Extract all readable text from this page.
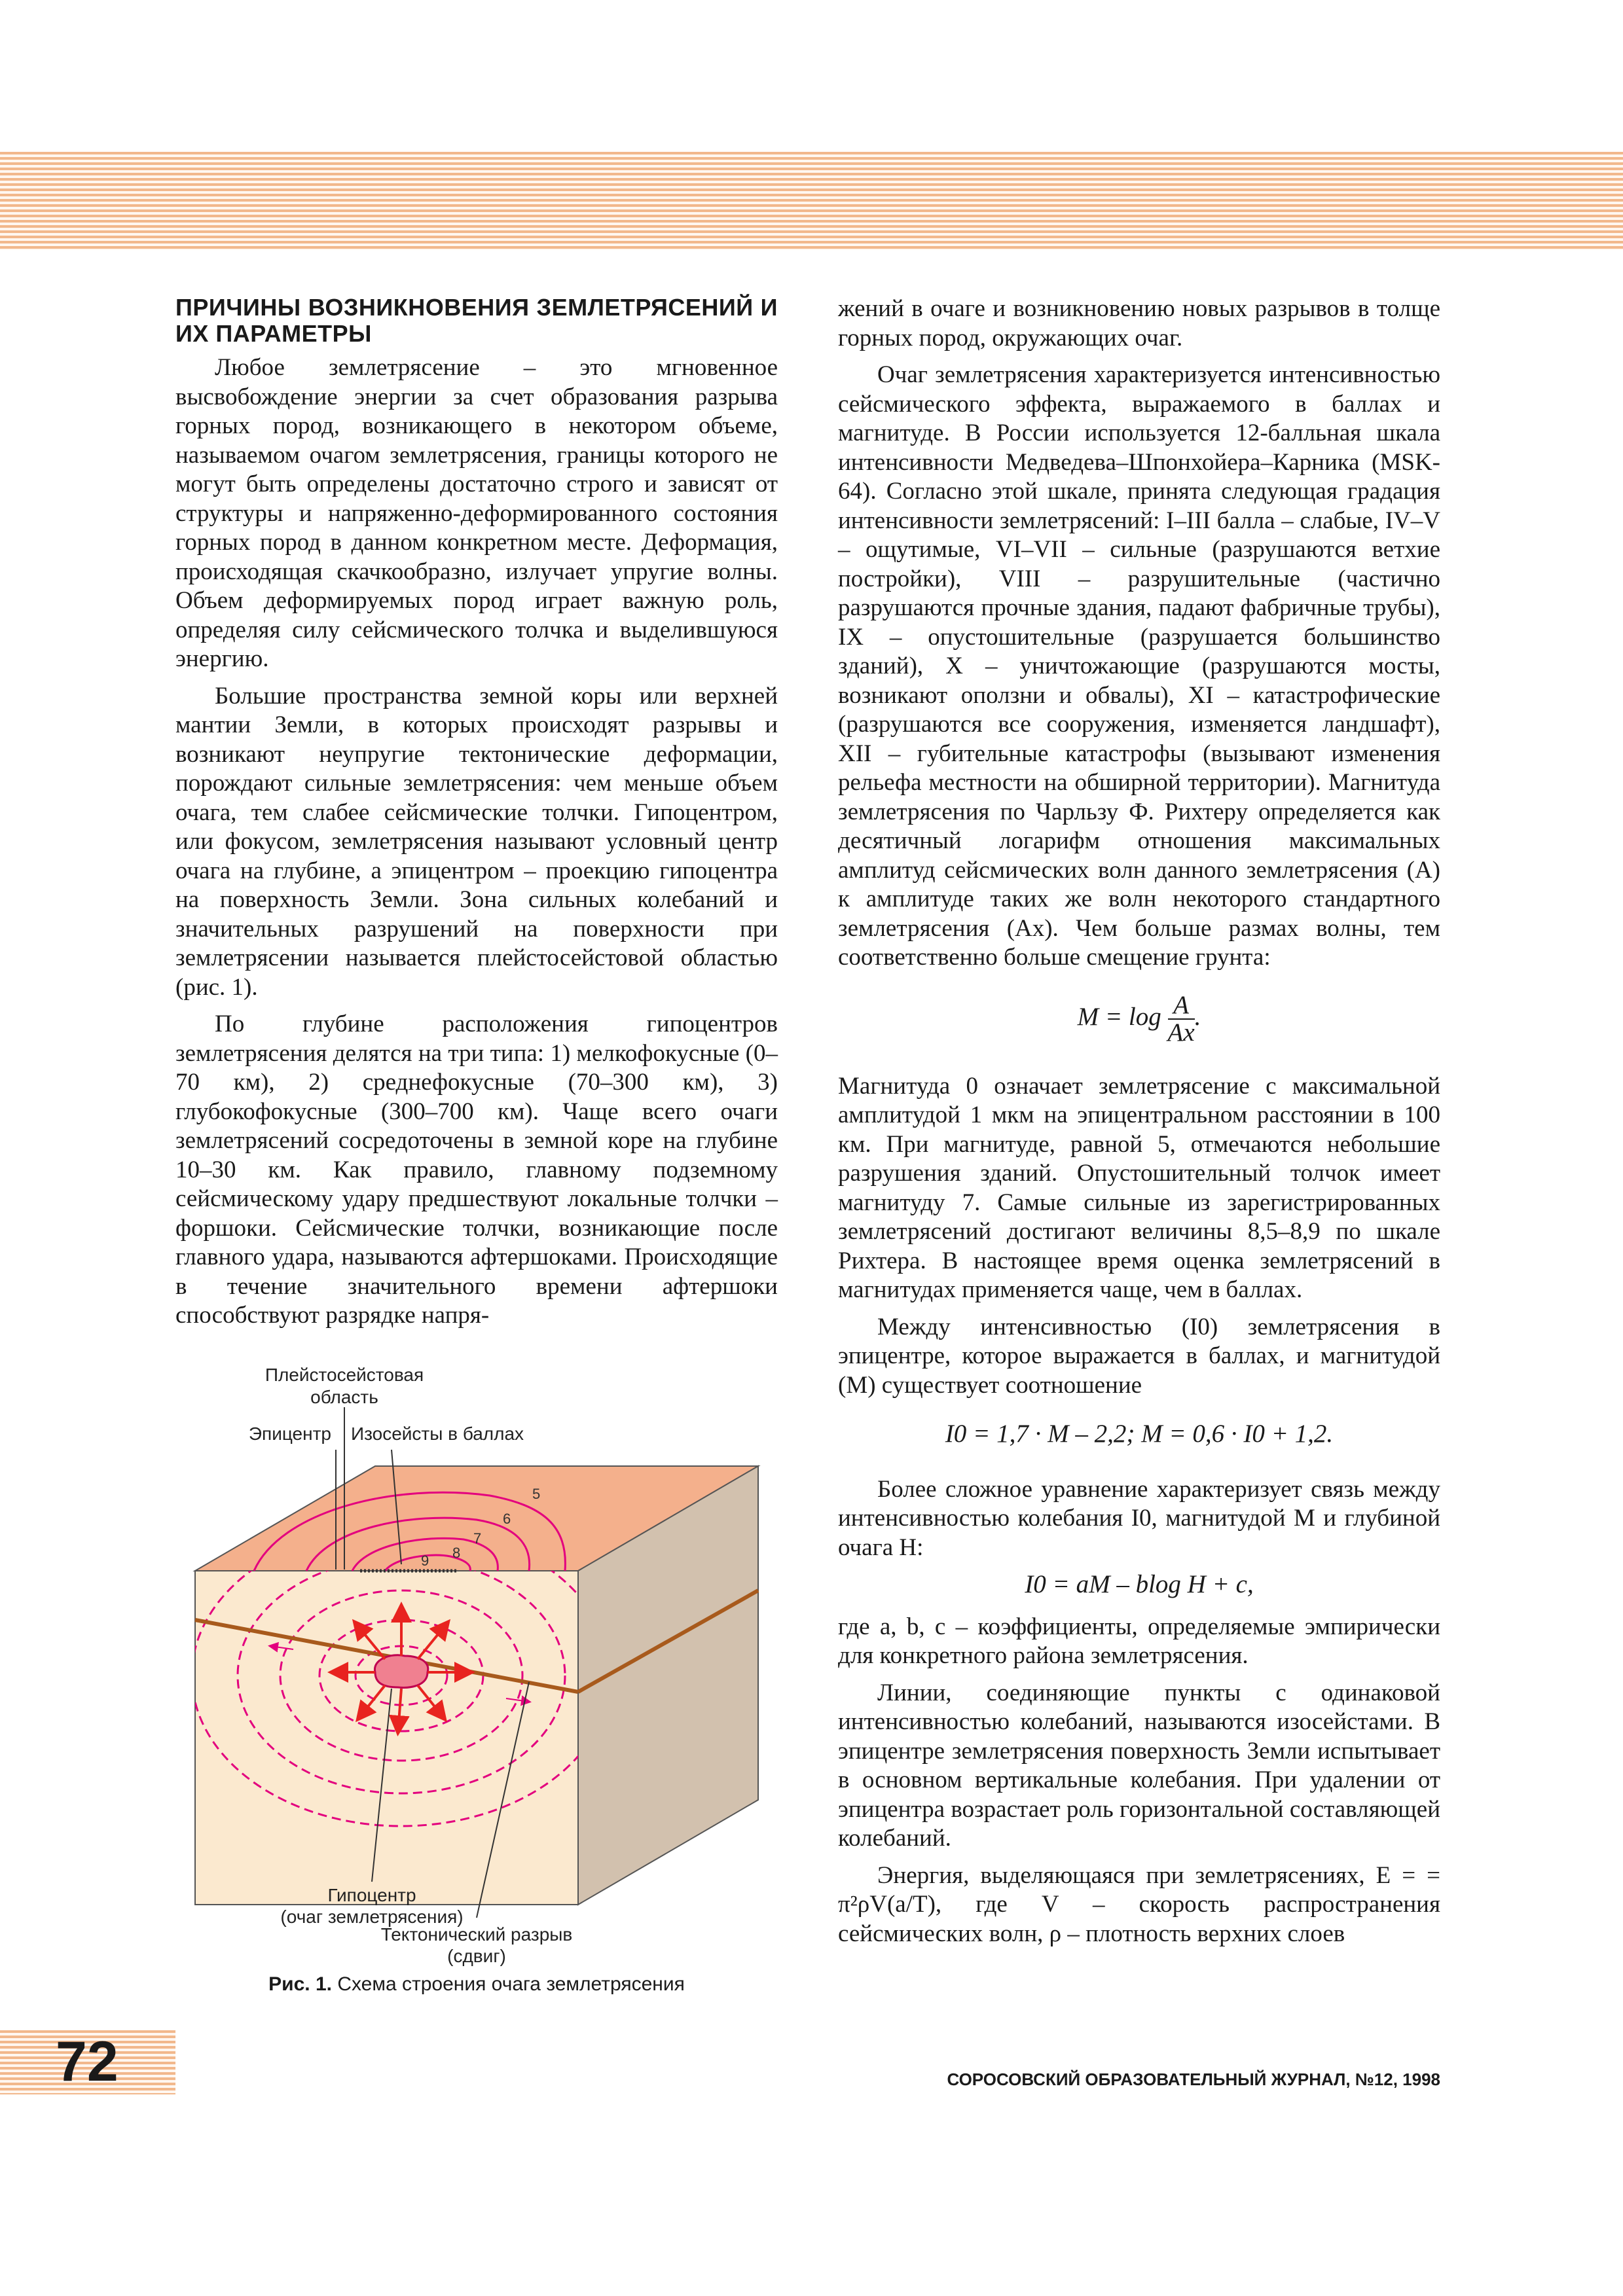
ПРИЧИНЫ ВОЗНИКНОВЕНИЯ ЗЕМЛЕТРЯСЕНИЙ И ИХ ПАРАМЕТРЫ

Любое землетрясение – это мгновенное высвобождение энергии за счет образования разрыва горных пород, возникающего в некотором объеме, называемом очагом землетрясения, границы которого не могут быть определены достаточно строго и зависят от структуры и напряженно-деформированного состояния горных пород в данном конкретном месте. Деформация, происходящая скачкообразно, излучает упругие волны. Объем деформируемых пород играет важную роль, определяя силу сейсмического толчка и выделившуюся энергию.

Большие пространства земной коры или верхней мантии Земли, в которых происходят разрывы и возникают неупругие тектонические деформации, порождают сильные землетрясения: чем меньше объем очага, тем слабее сейсмические толчки. Гипоцентром, или фокусом, землетрясения называют условный центр очага на глубине, а эпицентром – проекцию гипоцентра на поверхность Земли. Зона сильных колебаний и значительных разрушений на поверхности при землетрясении называется плейстосейстовой областью (рис. 1).

По глубине расположения гипоцентров землетрясения делятся на три типа: 1) мелкофокусные (0–70 км), 2) среднефокусные (70–300 км), 3) глубокофокусные (300–700 км). Чаще всего очаги землетрясений сосредоточены в земной коре на глубине 10–30 км. Как правило, главному подземному сейсмическому удару предшествуют локальные толчки – форшоки. Сейсмические толчки, возникающие после главного удара, называются афтершоками. Происходящие в течение значительного времени афтершоки способствуют разрядке напря-

жений в очаге и возникновению новых разрывов в толще горных пород, окружающих очаг.

Очаг землетрясения характеризуется интенсивностью сейсмического эффекта, выражаемого в баллах и магнитуде. В России используется 12-балльная шкала интенсивности Медведева–Шпонхойера–Карника (MSK-64). Согласно этой шкале, принята следующая градация интенсивности землетрясений: I–III балла – слабые, IV–V – ощутимые, VI–VII – сильные (разрушаются ветхие постройки), VIII – разрушительные (частично разрушаются прочные здания, падают фабричные трубы), IX – опустошительные (разрушается большинство зданий), X – уничтожающие (разрушаются мосты, возникают оползни и обвалы), XI – катастрофические (разрушаются все сооружения, изменяется ландшафт), XII – губительные катастрофы (вызывают изменения рельефа местности на обширной территории). Магнитуда землетрясения по Чарльзу Ф. Рихтеру определяется как десятичный логарифм отношения максимальных амплитуд сейсмических волн данного землетрясения (A) к амплитуде таких же волн некоторого стандартного землетрясения (Ax). Чем больше размах волны, тем соответственно больше смещение грунта:

$M = \log \frac{A}{Ax}$ .

Магнитуда 0 означает землетрясение с максимальной амплитудой 1 мкм на эпицентральном расстоянии в 100 км. При магнитуде, равной 5, отмечаются небольшие разрушения зданий. Опустошительный толчок имеет магнитуду 7. Самые сильные из зарегистрированных землетрясений достигают величины 8,5–8,9 по шкале Рихтера. В настоящее время оценка землетрясений в магнитудах применяется чаще, чем в баллах.

Между интенсивностью (I0) землетрясения в эпицентре, которое выражается в баллах, и магнитудой (M) существует соотношение

I0 = 1,7 · M – 2,2; M = 0,6 · I0 + 1,2.

Более сложное уравнение характеризует связь между интенсивностью колебания I0, магнитудой M и глубиной очага H:

I0 = aM – blog H + c,

где a, b, c – коэффициенты, определяемые эмпирически для конкретного района землетрясения.

Линии, соединяющие пункты с одинаковой интенсивностью колебаний, называются изосейстами. В эпицентре землетрясения поверхность Земли испытывает в основном вертикальные колебания. При удалении от эпицентра возрастает роль горизонтальной составляющей колебаний.

Энергия, выделяющаяся при землетрясениях, E = = π²ρV(a/T), где V – скорость распространения сейсмических волн, ρ – плотность верхних слоев

5
6
7
8
9
Плейстосейстовая
область
Эпицентр Изосейсты в баллах
Гипоцентр
(очаг землетрясения)
Тектонический разрыв
(сдвиг)
Рис. 1. Схема строения очага землетрясения
72	СОРОСОВСКИЙ ОБРАЗОВАТЕЛЬНЫЙ ЖУРНАЛ, №12, 1998
